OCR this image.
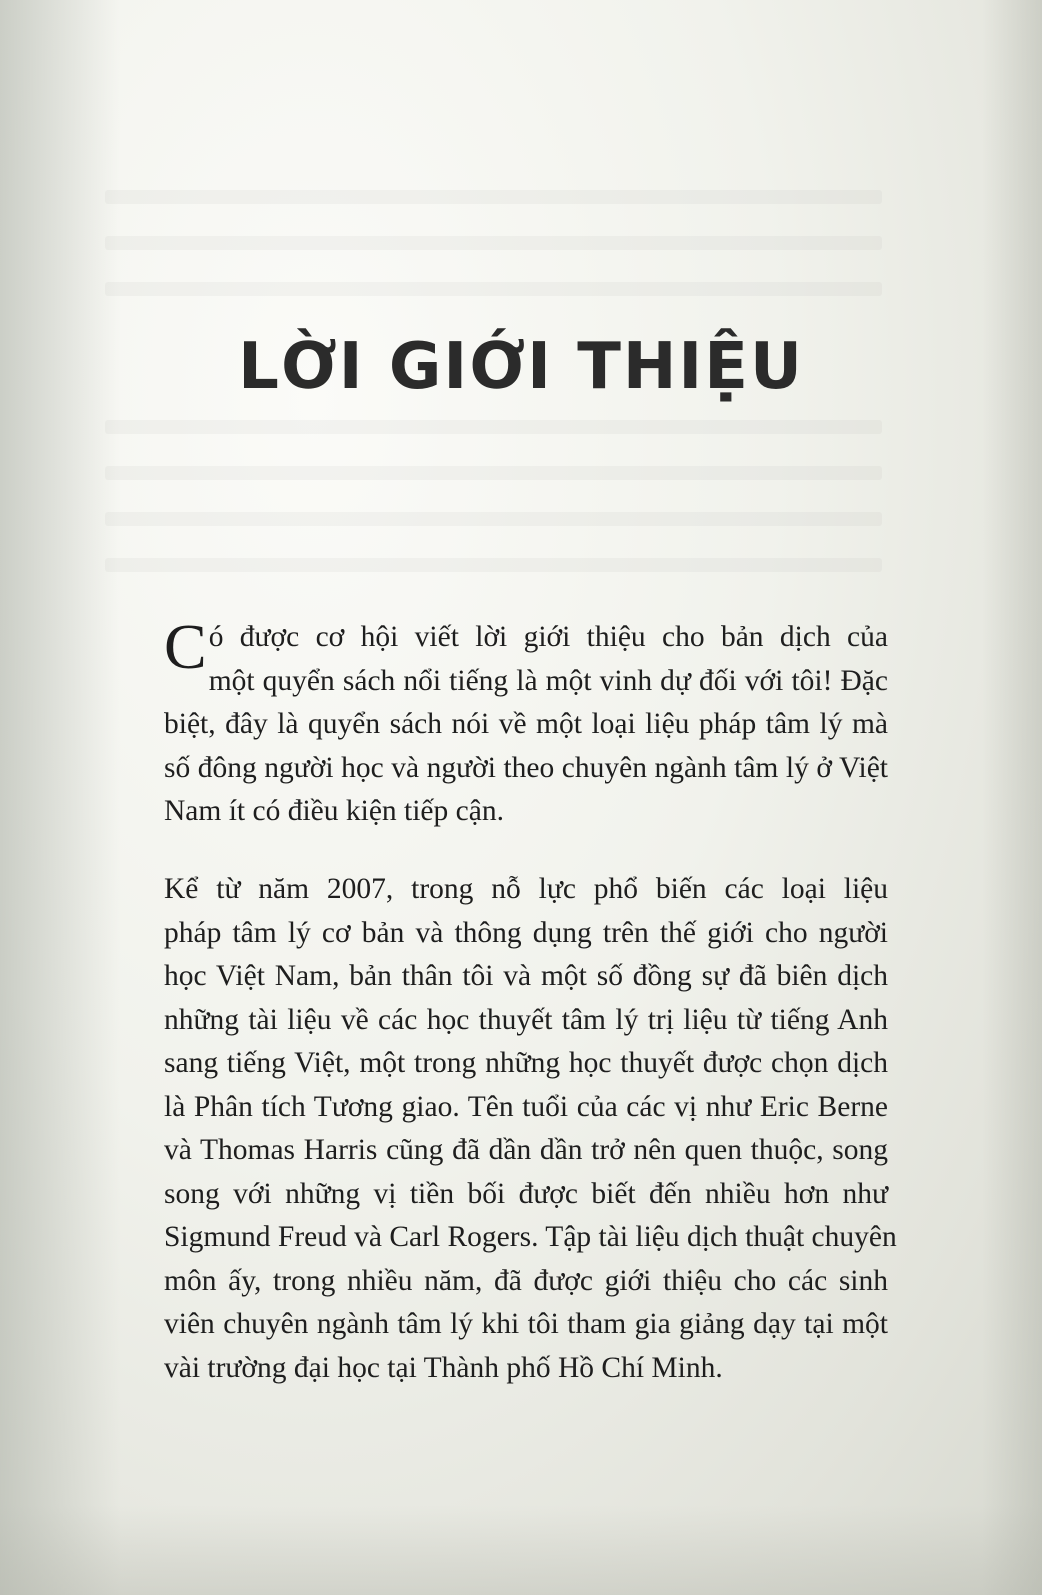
LỜI GIỚI THIỆU
C ó được cơ hội viết lời giới thiệu cho bản dịch của
một quyển sách nổi tiếng là một vinh dự đối với tôi! Đặc
biệt, đây là quyển sách nói về một loại liệu pháp tâm lý mà
số đông người học và người theo chuyên ngành tâm lý ở Việt
Nam ít có điều kiện tiếp cận.
Kể từ năm 2007, trong nỗ lực phổ biến các loại liệu
pháp tâm lý cơ bản và thông dụng trên thế giới cho người
học Việt Nam, bản thân tôi và một số đồng sự đã biên dịch
những tài liệu về các học thuyết tâm lý trị liệu từ tiếng Anh
sang tiếng Việt, một trong những học thuyết được chọn dịch
là Phân tích Tương giao. Tên tuổi của các vị như Eric Berne
và Thomas Harris cũng đã dần dần trở nên quen thuộc, song
song với những vị tiền bối được biết đến nhiều hơn như
Sigmund Freud và Carl Rogers. Tập tài liệu dịch thuật chuyên
môn ấy, trong nhiều năm, đã được giới thiệu cho các sinh
viên chuyên ngành tâm lý khi tôi tham gia giảng dạy tại một
vài trường đại học tại Thành phố Hồ Chí Minh.
